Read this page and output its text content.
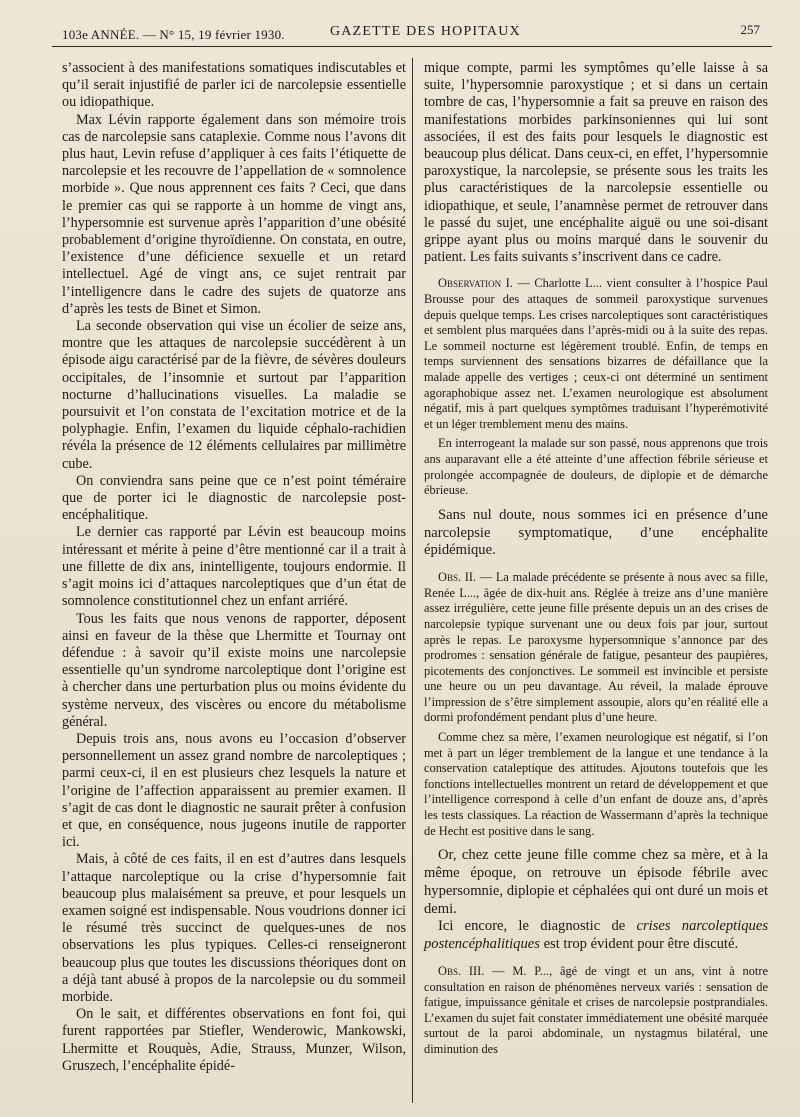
103e ANNÉE. — N° 15, 19 février 1930.	GAZETTE DES HOPITAUX	257

s’associent à des manifestations somatiques indiscutables et qu’il serait injustifié de parler ici de narcolepsie essentielle ou idiopathique.

Max Lévin rapporte également dans son mémoire trois cas de narcolepsie sans cataplexie. Comme nous l’avons dit plus haut, Levin refuse d’appliquer à ces faits l’étiquette de narcolepsie et les recouvre de l’appellation de « somnolence morbide ». Que nous apprennent ces faits ? Ceci, que dans le premier cas qui se rapporte à un homme de vingt ans, l’hypersomnie est survenue après l’apparition d’une obésité probablement d’origine thyroïdienne. On constata, en outre, l’existence d’une déficience sexuelle et un retard intellectuel. Agé de vingt ans, ce sujet rentrait par l’intelligencre dans le cadre des sujets de quatorze ans d’après les tests de Binet et Simon.

La seconde observation qui vise un écolier de seize ans, montre que les attaques de narcolepsie succédèrent à un épisode aigu caractérisé par de la fièvre, de sévères douleurs occipitales, de l’insomnie et surtout par l’apparition nocturne d’hallucinations visuelles. La maladie se poursuivit et l’on constata de l’excitation motrice et de la polyphagie. Enfin, l’examen du liquide céphalo-rachidien révéla la présence de 12 éléments cellulaires par millimètre cube.

On conviendra sans peine que ce n’est point téméraire que de porter ici le diagnostic de narcolepsie post-encéphalitique.

Le dernier cas rapporté par Lévin est beaucoup moins intéressant et mérite à peine d’être mentionné car il a trait à une fillette de dix ans, inintelligente, toujours endormie. Il s’agit moins ici d’attaques narcoleptiques que d’un état de somnolence constitutionnel chez un enfant arriéré.

Tous les faits que nous venons de rapporter, déposent ainsi en faveur de la thèse que Lhermitte et Tournay ont défendue : à savoir qu’il existe moins une narcolepsie essentielle qu’un syndrome narcoleptique dont l’origine est à chercher dans une perturbation plus ou moins évidente du système nerveux, des viscères ou encore du métabolisme général.

Depuis trois ans, nous avons eu l’occasion d’observer personnellement un assez grand nombre de narcoleptiques ; parmi ceux-ci, il en est plusieurs chez lesquels la nature et l’origine de l’affection apparaissent au premier examen. Il s’agit de cas dont le diagnostic ne saurait prêter à confusion et que, en conséquence, nous jugeons inutile de rapporter ici.

Mais, à côté de ces faits, il en est d’autres dans lesquels l’attaque narcoleptique ou la crise d’hypersomnie fait beaucoup plus malaisément sa preuve, et pour lesquels un examen soigné est indispensable. Nous voudrions donner ici le résumé très succinct de quelques-unes de nos observations les plus typiques. Celles-ci renseigneront beaucoup plus que toutes les discussions théoriques dont on a déjà tant abusé à propos de la narcolepsie ou du sommeil morbide.

On le sait, et différentes observations en font foi, qui furent rapportées par Stiefler, Wenderowic, Mankowski, Lhermitte et Rouquès, Adie, Strauss, Munzer, Wilson, Gruszech, l’encéphalite épidé-

mique compte, parmi les symptômes qu’elle laisse à sa suite, l’hypersomnie paroxystique ; et si dans un certain tombre de cas, l’hypersomnie a fait sa preuve en raison des manifestations morbides parkinsoniennes qui lui sont associées, il est des faits pour lesquels le diagnostic est beaucoup plus délicat. Dans ceux-ci, en effet, l’hypersomnie paroxystique, la narcolepsie, se présente sous les traits les plus caractéristiques de la narcolepsie essentielle ou idiopathique, et seule, l’anamnèse permet de retrouver dans le passé du sujet, une encéphalite aiguë ou une soi-disant grippe ayant plus ou moins marqué dans le souvenir du patient. Les faits suivants s’inscrivent dans ce cadre.

Observation I. — Charlotte L... vient consulter à l’hospice Paul Brousse pour des attaques de sommeil paroxystique survenues depuis quelque temps. Les crises narcoleptiques sont caractéristiques et semblent plus marquées dans l’après-midi ou à la suite des repas. Le sommeil nocturne est légèrement troublé. Enfin, de temps en temps surviennent des sensations bizarres de défaillance que la malade appelle des vertiges ; ceux-ci ont déterminé un sentiment agoraphobique assez net. L’examen neurologique est absolument négatif, mis à part quelques symptômes traduisant l’hyperémotivité et un léger tremblement menu des mains.

En interrogeant la malade sur son passé, nous apprenons que trois ans auparavant elle a été atteinte d’une affection fébrile sérieuse et prolongée accompagnée de douleurs, de diplopie et de démarche ébrieuse.

Sans nul doute, nous sommes ici en présence d’une narcolepsie symptomatique, d’une encéphalite épidémique.

Obs. II. — La malade précédente se présente à nous avec sa fille, Renée L..., âgée de dix-huit ans. Réglée à treize ans d’une manière assez irrégulière, cette jeune fille présente depuis un an des crises de narcolepsie typique survenant une ou deux fois par jour, surtout après le repas. Le paroxysme hypersomnique s’annonce par des prodromes : sensation générale de fatigue, pesanteur des paupières, picotements des conjonctives. Le sommeil est invincible et persiste une heure ou un peu davantage. Au réveil, la malade éprouve l’impression de s’être simplement assoupie, alors qu’en réalité elle a dormi profondément pendant plus d’une heure.

Comme chez sa mère, l’examen neurologique est négatif, si l’on met à part un léger tremblement de la langue et une tendance à la conservation cataleptique des attitudes. Ajoutons toutefois que les fonctions intellectuelles montrent un retard de développement et que l’intelligence correspond à celle d’un enfant de douze ans, d’après les tests classiques. La réaction de Wassermann d’après la technique de Hecht est positive dans le sang.

Or, chez cette jeune fille comme chez sa mère, et à la même époque, on retrouve un épisode fébrile avec hypersomnie, diplopie et céphalées qui ont duré un mois et demi.

Ici encore, le diagnostic de crises narcoleptiques postencéphalitiques est trop évident pour être discuté.

Obs. III. — M. P..., âgé de vingt et un ans, vint à notre consultation en raison de phénomènes nerveux variés : sensation de fatigue, impuissance génitale et crises de narcolepsie postprandiales. L’examen du sujet fait constater immédiatement une obésité marquée surtout de la paroi abdominale, un nystagmus bilatéral, une diminution des
